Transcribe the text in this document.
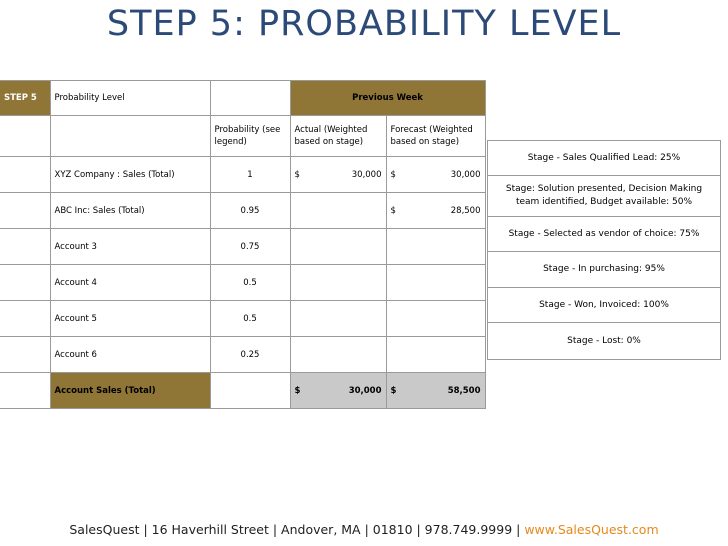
STEP 5: PROBABILITY LEVEL
STEP 5	Probability Level		Previous Week	
		Probability (see legend)	Actual (Weighted based on stage)	Forecast (Weighted based on stage)
	XYZ Company : Sales (Total)	1	$ 30,000	$ 30,000

	ABC Inc: Sales (Total)	0.95		$ 28,500

	Account 3	0.75		
	Account 4	0.5		
	Account 5	0.5		
	Account 6	0.25		
	Account Sales (Total)		$ 30,000	$ 58,500
Stage - Sales Qualified Lead: 25%
Stage: Solution presented, Decision Making team identified, Budget available: 50%
Stage - Selected as vendor of choice: 75%
Stage - In purchasing: 95%
Stage - Won, Invoiced: 100%
Stage - Lost: 0%
SalesQuest | 16 Haverhill Street | Andover, MA | 01810 | 978.749.9999 | www.SalesQuest.com
